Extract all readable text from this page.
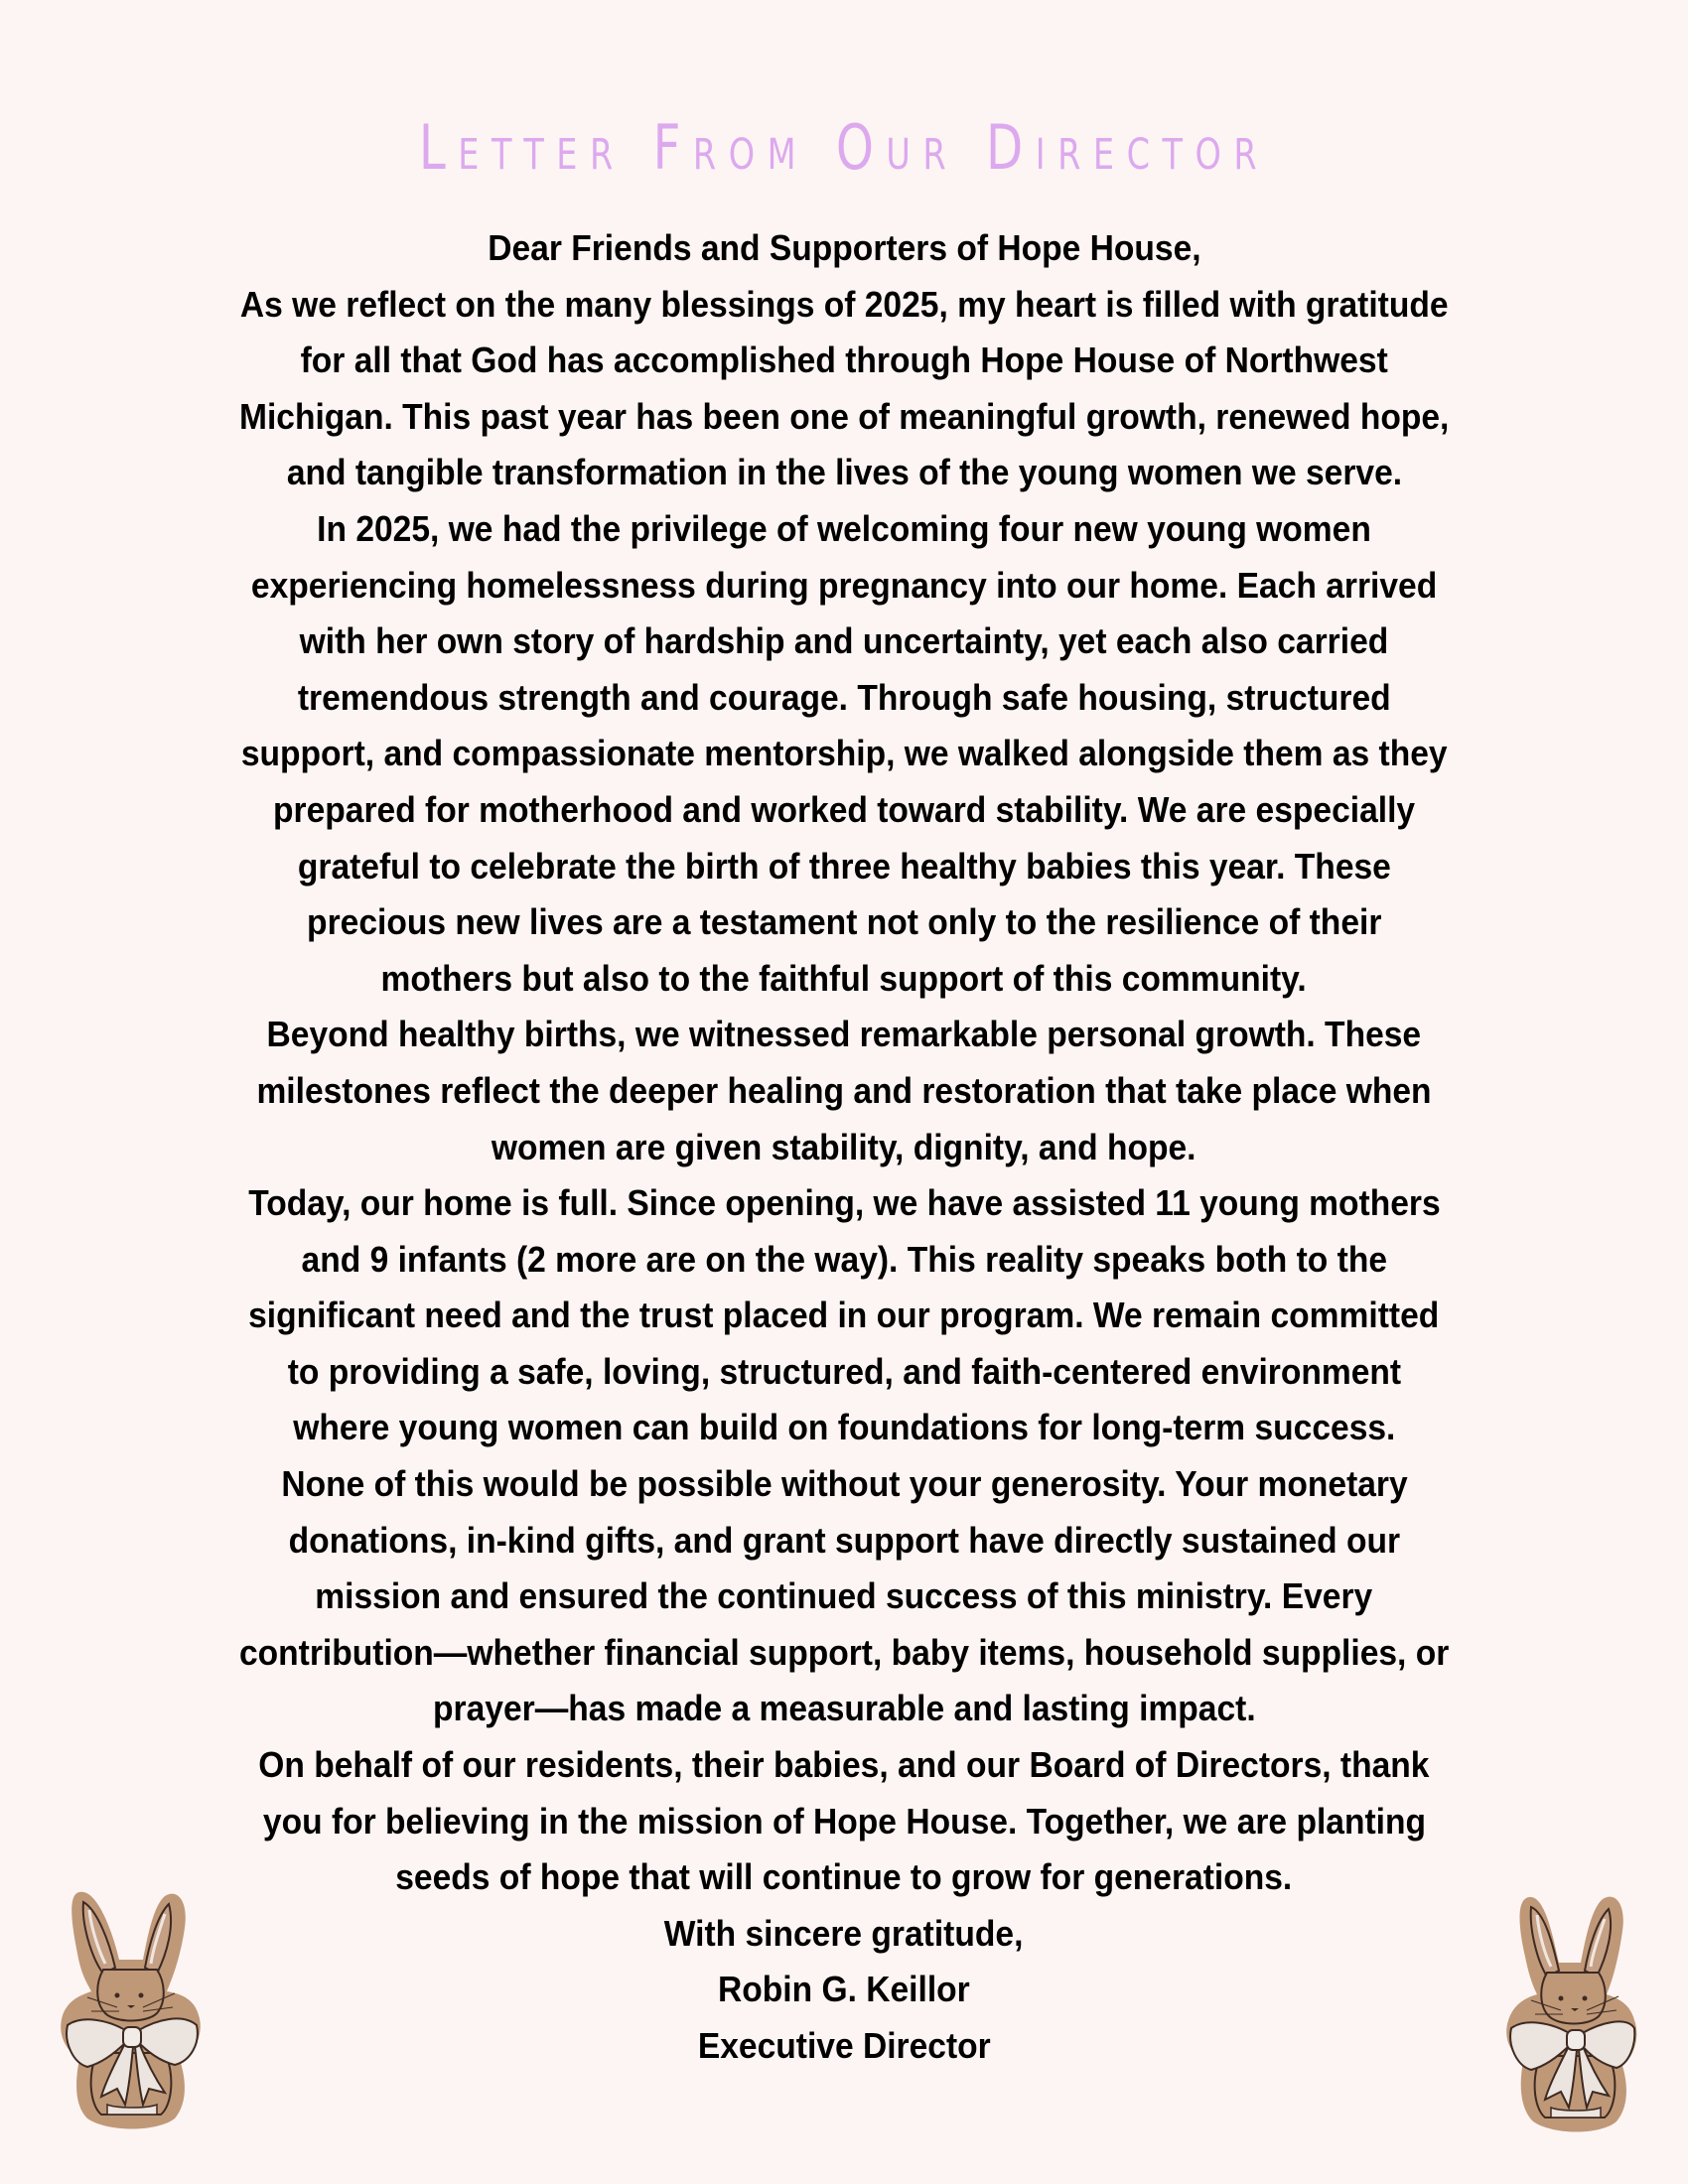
Letter From Our Director

Dear Friends and Supporters of Hope House,

As we reflect on the many blessings of 2025, my heart is filled with gratitude for all that God has accomplished through Hope House of Northwest Michigan. This past year has been one of meaningful growth, renewed hope, and tangible transformation in the lives of the young women we serve.

In 2025, we had the privilege of welcoming four new young women experiencing homelessness during pregnancy into our home. Each arrived with her own story of hardship and uncertainty, yet each also carried tremendous strength and courage. Through safe housing, structured support, and compassionate mentorship, we walked alongside them as they prepared for motherhood and worked toward stability. We are especially grateful to celebrate the birth of three healthy babies this year. These precious new lives are a testament not only to the resilience of their mothers but also to the faithful support of this community.

Beyond healthy births, we witnessed remarkable personal growth. These milestones reflect the deeper healing and restoration that take place when women are given stability, dignity, and hope.

Today, our home is full. Since opening, we have assisted 11 young mothers and 9 infants (2 more are on the way). This reality speaks both to the significant need and the trust placed in our program. We remain committed to providing a safe, loving, structured, and faith-centered environment where young women can build on foundations for long-term success.

None of this would be possible without your generosity. Your monetary donations, in-kind gifts, and grant support have directly sustained our mission and ensured the continued success of this ministry. Every contribution—whether financial support, baby items, household supplies, or prayer—has made a measurable and lasting impact.

On behalf of our residents, their babies, and our Board of Directors, thank you for believing in the mission of Hope House. Together, we are planting seeds of hope that will continue to grow for generations.

With sincere gratitude,

Robin G. Keillor

Executive Director
